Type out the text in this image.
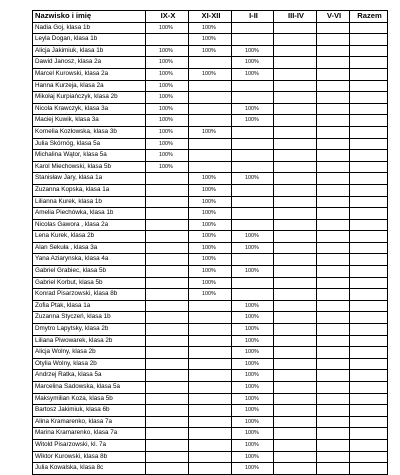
Nazwisko i imię	IX-X	XI-XII	I-II	III-IV	V-VI	Razem
Nadia Goj, klasa 1b	100%	100%				
Leyla Dogan, klasa 1b		100%				
Alicja Jakimiuk, klasa 1b	100%	100%	100%			
Dawid Janosz, klasa 2a	100%		100%			
Marcel Kurowski, klasa 2a	100%	100%	100%			
Hanna Kurzeja, klasa 2a	100%					
Mikołaj Kurpiańczyk, klasa 2b	100%					
Nicola Krawczyk, klasa 3a	100%		100%			
Maciej Kuwik, klasa 3a	100%		100%			
Kornelia Kozłowska, klasa 3b	100%	100%				
Julia Skórnóg, klasa 5a	100%					
Michalina Wątor, klasa 5a	100%					
Karol Miechowski, klasa 5b	100%					
Stanisław Jary, klasa 1a		100%	100%			
Zuzanna Kopska, klasa 1a		100%				
Lilianna Kurek, klasa 1b		100%				
Amelia Piechówka, klasa 1b		100%				
Nicolas Gawora , klasa 2a		100%				
Lena Kurek, klasa 2b		100%	100%			
Alan Sekuła , klasa 3a		100%	100%			
Yana Aziarynska, klasa 4a		100%				
Gabriel Grabiec, klasa 5b		100%	100%			
Gabriel Korbut, klasa 5b		100%				
Konrad Pisarzowski, klasa 8b		100%				
Zofia Ptak, klasa 1a			100%			
Zuzanna Styczeń, klasa 1b			100%			
Dmytro Lapytsky, klasa 2b			100%			
Liliana Piwowarek, klasa 2b			100%			
Alicja Wolny, klasa 2b			100%			
Otylia Wolny, klasa 2b			100%			
Andrzej Ratka, klasa 5a			100%			
Marcelina Sadowska, klasa 5a			100%			
Maksymilian Koza, klasa 5b			100%			
Bartosz Jakimiuk, klasa 6b			100%			
Alina Kramarenko, klasa 7a			100%			
Marina Kramarenko, klasa 7a			100%			
Witold Pisarzowski, kl. 7a			100%			
Wiktor Kurowski, klasa 8b			100%			
Julia Kowalska, klasa 8c			100%			
